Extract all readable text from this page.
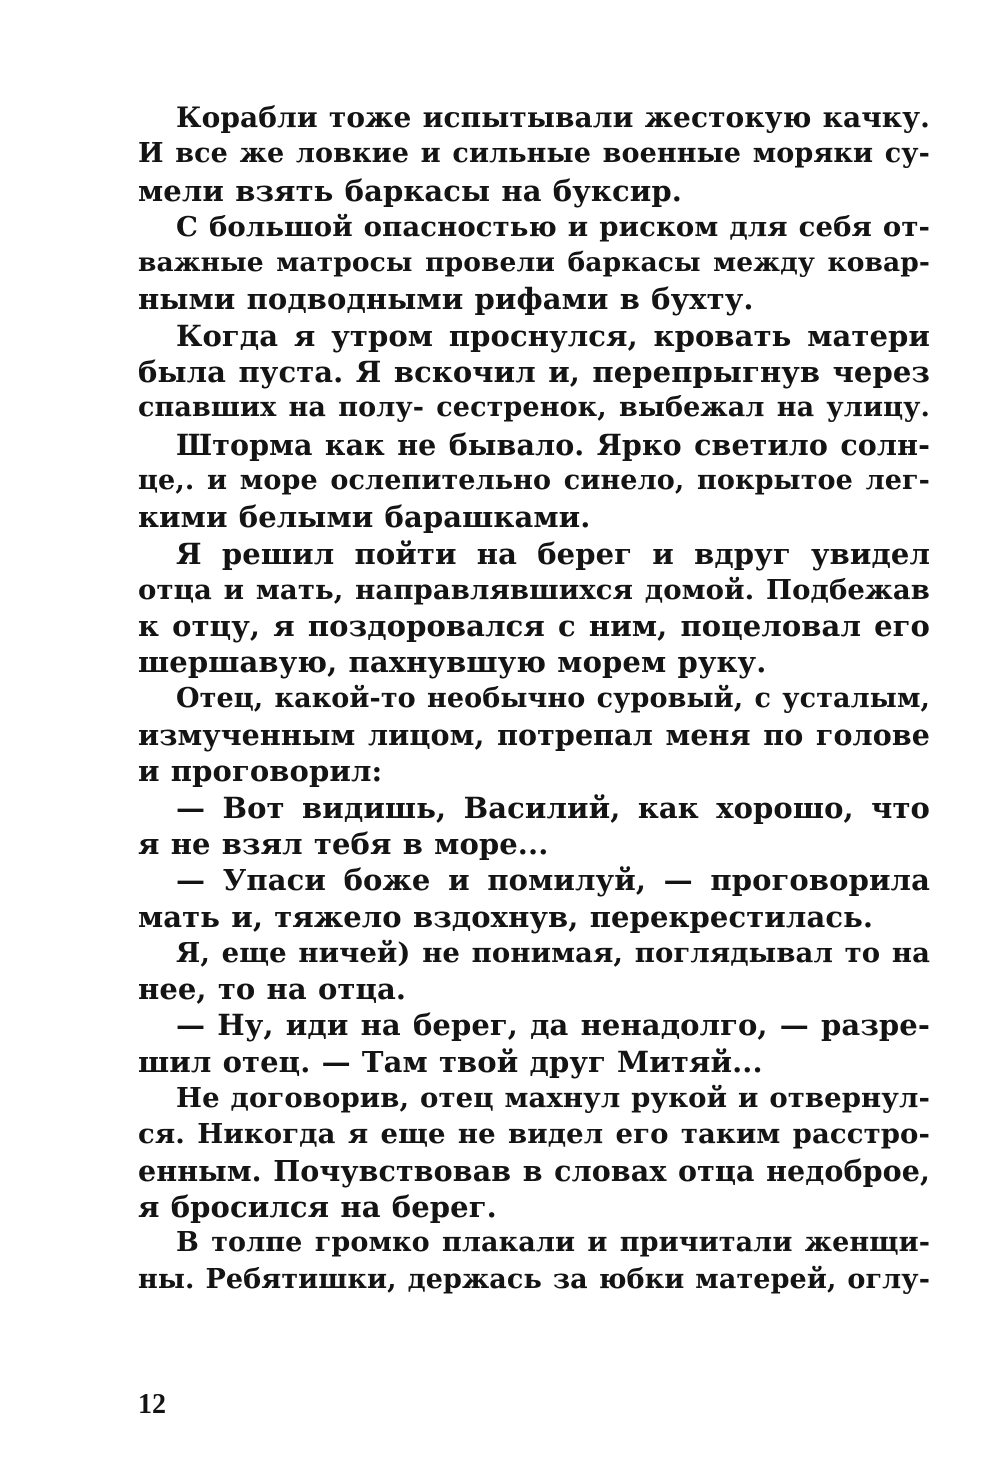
Корабли тоже испытывали жестокую качку.
И все же ловкие и сильные военные моряки су-
мели взять баркасы на буксир.
С большой опасностью и риском для себя от-
важные матросы провели баркасы между ковар-
ными подводными рифами в бухту.
Когда я утром проснулся, кровать матери
была пуста. Я вскочил и, перепрыгнув через
спавших на полу- сестренок, выбежал на улицу.
Шторма как не бывало. Ярко светило солн-
це,. и море ослепительно синело, покрытое лег-
кими белыми барашками.
Я решил пойти на берег и вдруг увидел
отца и мать, направлявшихся домой. Подбежав
к отцу, я поздоровался с ним, поцеловал его
шершавую, пахнувшую морем руку.
Отец, какой-то необычно суровый, с усталым,
измученным лицом, потрепал меня по голове
и проговорил:
— Вот видишь, Василий, как хорошо, что
я не взял тебя в море...
— Упаси боже и помилуй, — проговорила
мать и, тяжело вздохнув, перекрестилась.
Я, еще ничей) не понимая, поглядывал то на
нее, то на отца.
— Ну, иди на берег, да ненадолго, — разре-
шил отец. — Там твой друг Митяй...
Не договорив, отец махнул рукой и отвернул-
ся. Никогда я еще не видел его таким расстро-
енным. Почувствовав в словах отца недоброе,
я бросился на берег.
В толпе громко плакали и причитали женщи-
ны. Ребятишки, держась за юбки матерей, оглу-
12
